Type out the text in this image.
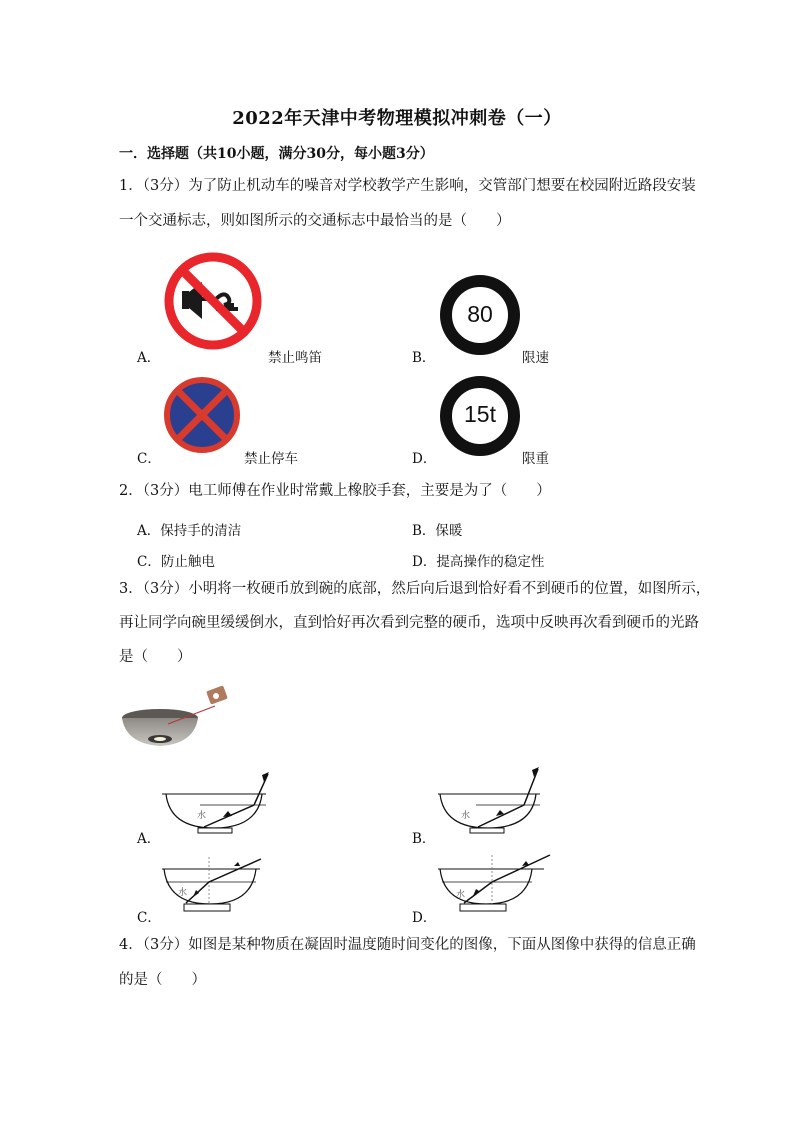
2022年天津中考物理模拟冲刺卷（一）
一．选择题（共10小题，满分30分，每小题3分）
1．（3分）为了防止机动车的噪音对学校教学产生影响，交管部门想要在校园附近路段安装
一个交通标志，则如图所示的交通标志中最恰当的是（　　）
A．	禁止鸣笛	B．
80
限速
C．	禁止停车	D．
15t
限重
2．（3分）电工师傅在作业时常戴上橡胶手套，主要是为了（　　）
A．保持手的清洁	B．保暖
C．防止触电	D．提高操作的稳定性
3．（3分）小明将一枚硬币放到碗的底部，然后向后退到恰好看不到硬币的位置，如图所示，
再让同学向碗里缓缓倒水，直到恰好再次看到完整的硬币，选项中反映再次看到硬币的光路
是（　　）
A．
水
B．
水
C．
水
D．
水
4．（3分）如图是某种物质在凝固时温度随时间变化的图像，下面从图像中获得的信息正确
的是（　　）
